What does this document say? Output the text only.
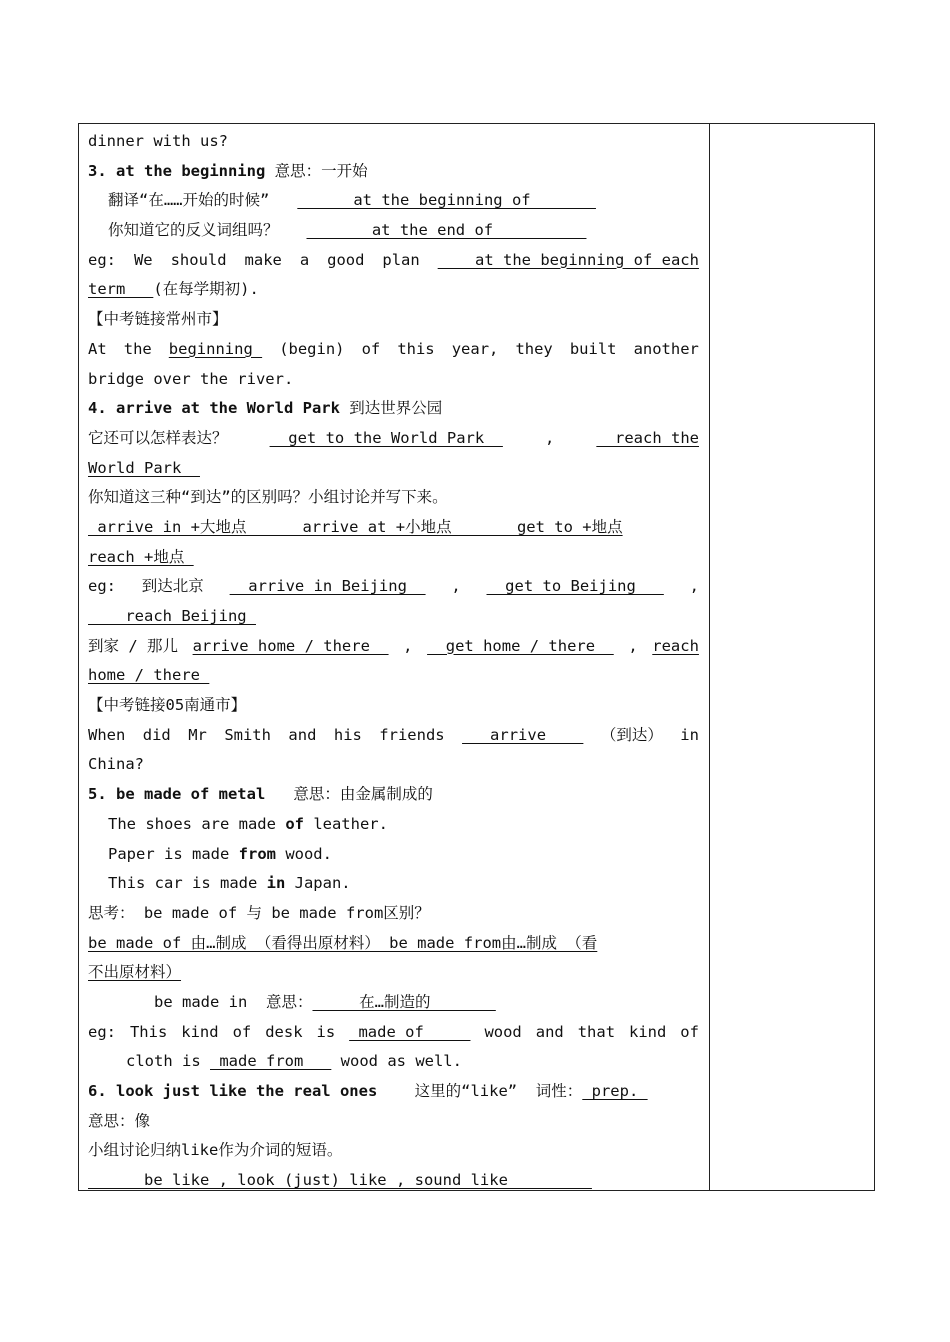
dinner with us?
3. at the beginning 意思：一开始
翻译“在……开始的时候”         at the beginning of
你知道它的反义词组吗？          at the end of
eg: We should make a good plan at the beginning of each
term   (在每学期初).
【中考链接常州市】
At the beginning (begin) of this year, they built another
bridge over the river.
4. arrive at the World Park 到达世界公园
它还可以怎样表达？	get to the World Park	,	reach the
World Park
你知道这三种“到达”的区别吗？小组讨论并写下来。
arrive in +大地点      arrive at +小地点       get to +地点
reach +地点
eg: 到达北京 arrive in Beijing , get to Beijing ,
reach Beijing
到家 / 那儿 arrive home / there , get home / there , reach
home / there
【中考链接05南通市】
When did Mr Smith and his friends arrive （到达） in
China?
5. be made of metal   意思：由金属制成的
The shoes are made of leather.
Paper is made from wood.
This car is made in Japan.
思考： be made of 与 be made from区别？
be made of 由…制成 （看得出原材料） be made from由…制成 （看
不出原材料）
be made in  意思：     在…制造的
eg: This kind of desk is made of wood and that kind of
cloth is  made from    wood as well.
6. look just like the real ones    这里的“like”  词性： prep.
意思：像
小组讨论归纳like作为介词的短语。
be like , look (just) like , sound like
